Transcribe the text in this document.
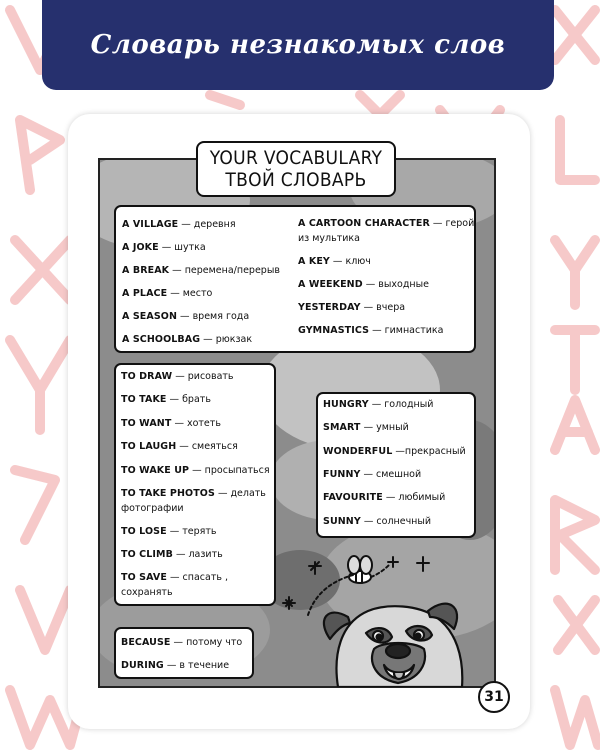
Словарь незнакомых слов
YOUR VOCABULARY
ТВОЙ СЛОВАРЬ
A VILLAGE — деревня
A JOKE — шутка
A BREAK — перемена/перерыв
A PLACE — место
A SEASON — время года
A SCHOOLBAG — рюкзак
A CARTOON CHARACTER — герой
из мультика
A KEY — ключ
A WEEKEND — выходные
YESTERDAY — вчера
GYMNASTICS — гимнастика
TO DRAW — рисовать
TO TAKE — брать
TO WANT — хотеть
TO LAUGH — смеяться
TO WAKE UP — просыпаться
TO TAKE PHOTOS — делать
фотографии
TO LOSE — терять
TO CLIMB — лазить
TO SAVE — спасать ,
сохранять
HUNGRY — голодный
SMART — умный
WONDERFUL —прекрасный
FUNNY — смешной
FAVOURITE — любимый
SUNNY — солнечный
BECAUSE — потому что
DURING — в течение
31
